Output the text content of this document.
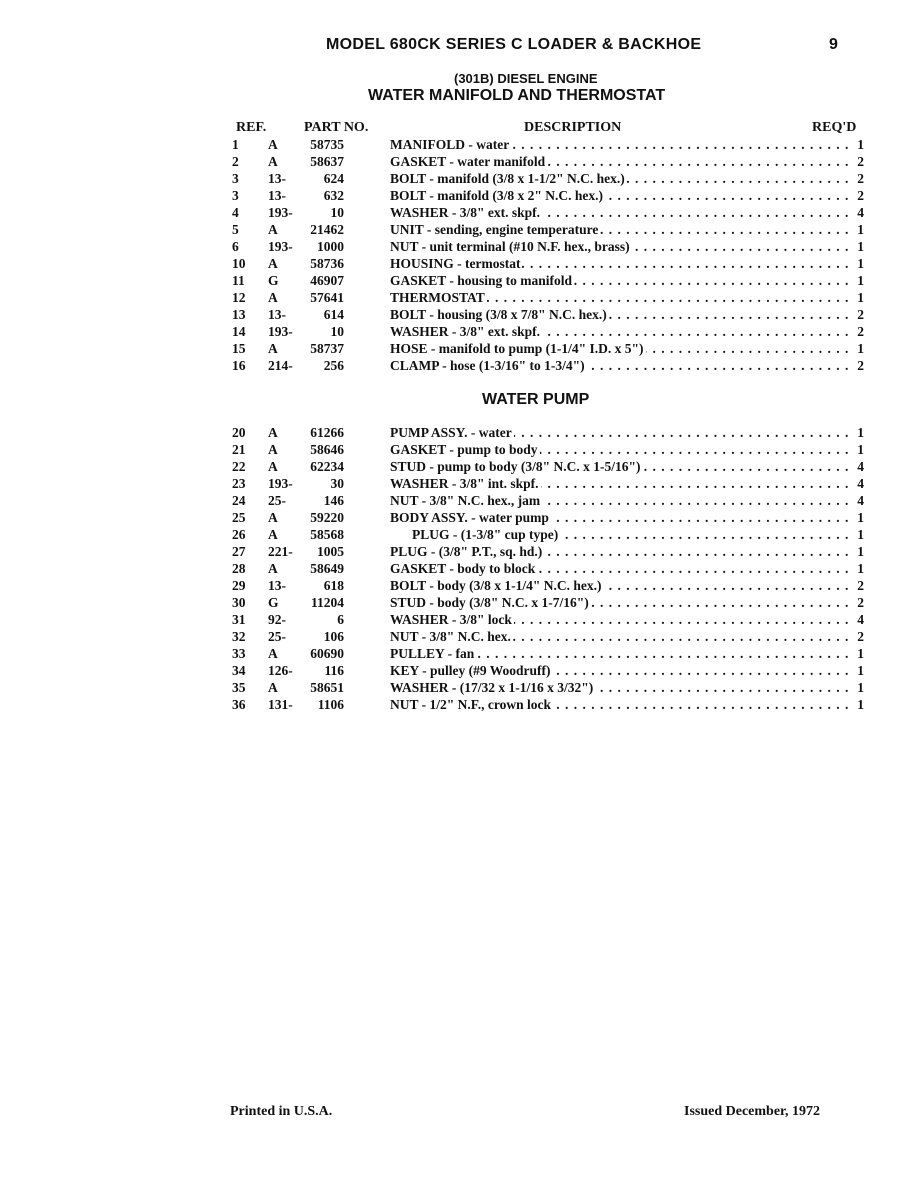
MODEL 680CK SERIES C LOADER & BACKHOE	9
(301B) DIESEL ENGINE
WATER MANIFOLD AND THERMOSTAT
REF.	PART NO.	DESCRIPTION	REQ'D
1	A	58735	MANIFOLD - water . . .	1
2	A	58637	GASKET - water manifold . . .	2
3	13-	624	BOLT - manifold (3/8 x 1-1/2" N.C. hex.) . . .	2
3	13-	632	BOLT - manifold (3/8 x 2" N.C. hex.) . . .	2
4	193-	10	WASHER - 3/8" ext. skpf. . . .	4
5	A	21462	UNIT - sending, engine temperature . . .	1
6	193-	1000	NUT - unit terminal (#10 N.F. hex., brass) . . .	1
10	A	58736	HOUSING - termostat . . .	1
11	G	46907	GASKET - housing to manifold . . .	1
12	A	57641	THERMOSTAT . . .	1
13	13-	614	BOLT - housing (3/8 x 7/8" N.C. hex.) . . .	2
14	193-	10	WASHER - 3/8" ext. skpf. . . .	2
15	A	58737	HOSE - manifold to pump (1-1/4" I.D. x 5") . . .	1
16	214-	256	CLAMP - hose (1-3/16" to 1-3/4") . . .	2
WATER PUMP
20	A	61266	PUMP ASSY. - water . . .	1
21	A	58646	GASKET - pump to body . . .	1
22	A	62234	STUD - pump to body (3/8" N.C. x 1-5/16") . . .	4
23	193-	30	WASHER - 3/8" int. skpf. . . .	4
24	25-	146	NUT - 3/8" N.C. hex., jam . . .	4
25	A	59220	BODY ASSY. - water pump . . .	1
26	A	58568	PLUG - (1-3/8" cup type) . . .	1
27	221-	1005	PLUG - (3/8" P.T., sq. hd.) . . .	1
28	A	58649	GASKET - body to block . . .	1
29	13-	618	BOLT - body (3/8 x 1-1/4" N.C. hex.) . . .	2
30	G	11204	STUD - body (3/8" N.C. x 1-7/16") . . .	2
31	92-	6	WASHER - 3/8" lock . . .	4
32	25-	106	NUT - 3/8" N.C. hex. . . .	2
33	A	60690	PULLEY - fan . . .	1
34	126-	116	KEY - pulley (#9 Woodruff) . . .	1
35	A	58651	WASHER - (17/32 x 1-1/16 x 3/32") . . .	1
36	131-	1106	NUT - 1/2" N.F., crown lock . . .	1
Printed in U.S.A.	Issued December, 1972
